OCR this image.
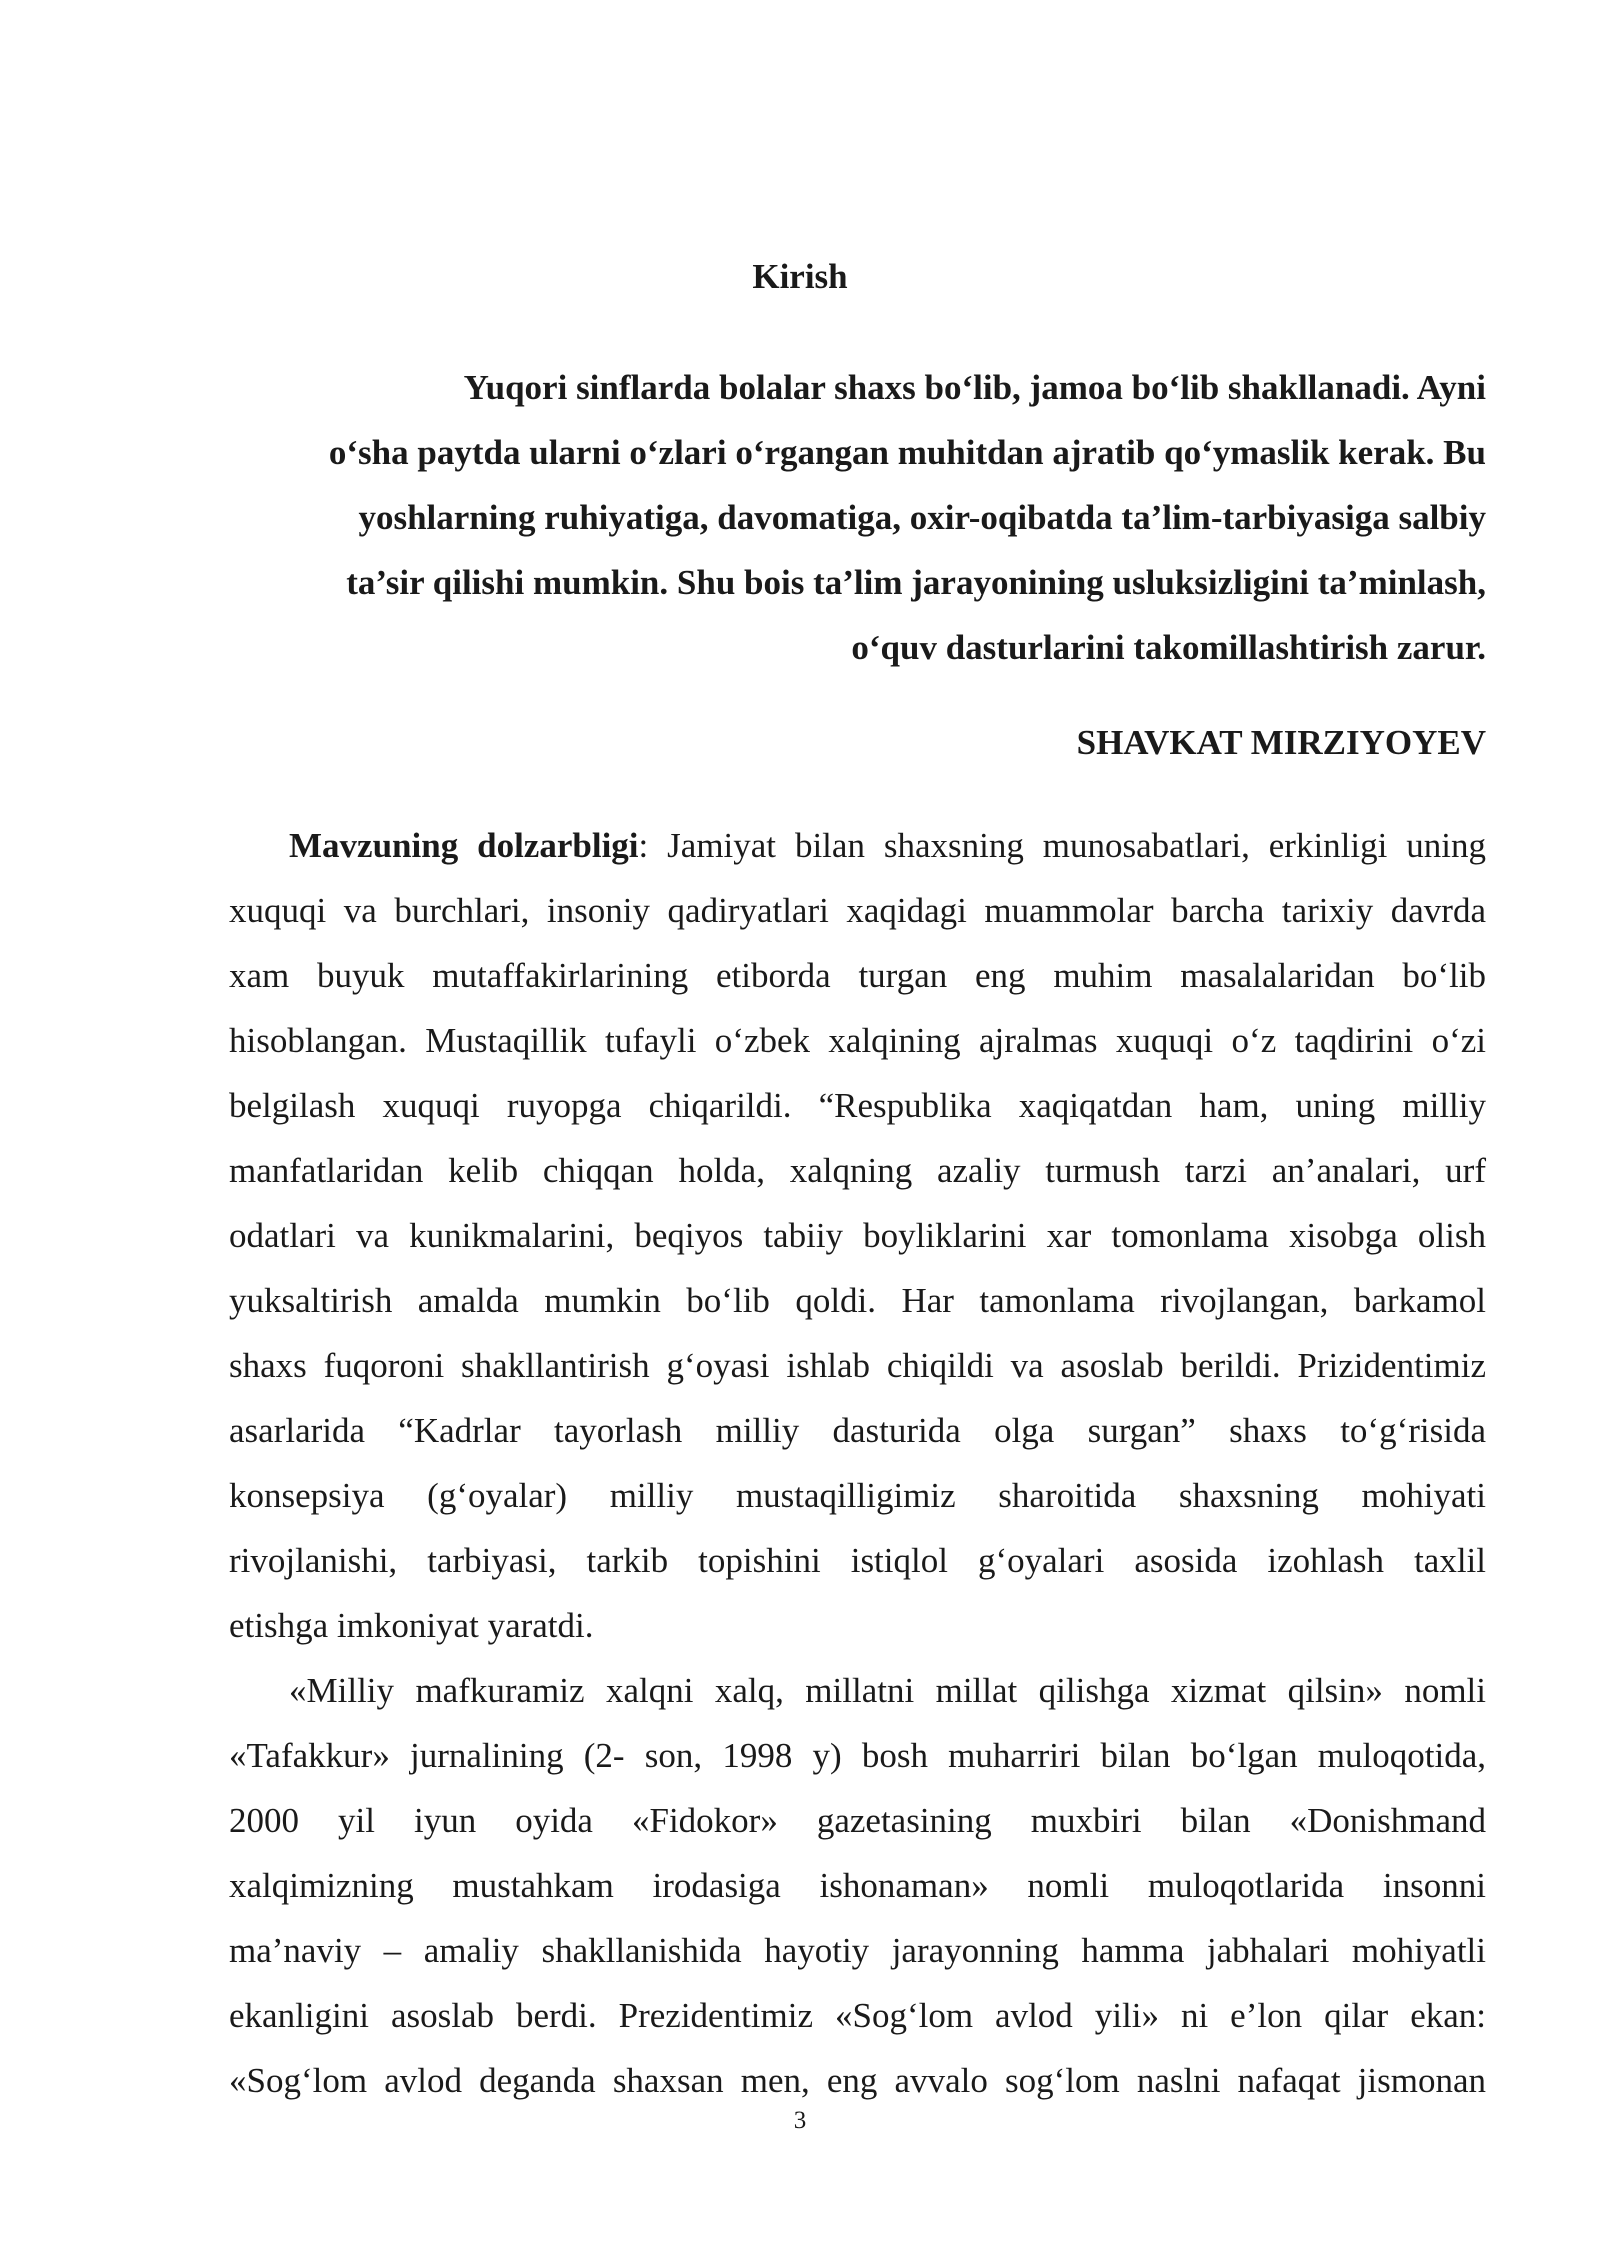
Kirish
Yuqori sinflarda bolalar shaxs bo‘lib, jamoa bo‘lib shakllanadi. Ayni
o‘sha paytda ularni o‘zlari o‘rgangan muhitdan ajratib qo‘ymaslik kerak. Bu
yoshlarning ruhiyatiga, davomatiga, oxir-oqibatda ta’lim-tarbiyasiga salbiy
ta’sir qilishi mumkin. Shu bois ta’lim jarayonining usluksizligini ta’minlash,
o‘quv dasturlarini takomillashtirish zarur.

SHAVKAT MIRZIYOYEV

Mavzuning dolzarbligi: Jamiyat bilan shaxsning munosabatlari, erkinligi uning
xuquqi va burchlari, insoniy qadiryatlari xaqidagi muammolar barcha tarixiy davrda
xam buyuk mutaffakirlarining etiborda turgan eng muhim masalalaridan bo‘lib
hisoblangan. Mustaqillik tufayli o‘zbek xalqining ajralmas xuquqi o‘z taqdirini o‘zi
belgilash xuquqi ruyopga chiqarildi. “Respublika xaqiqatdan ham, uning milliy
manfatlaridan kelib chiqqan holda, xalqning azaliy turmush tarzi an’analari, urf
odatlari va kunikmalarini, beqiyos tabiiy boyliklarini xar tomonlama xisobga olish
yuksaltirish amalda mumkin bo‘lib qoldi. Har tamonlama rivojlangan, barkamol
shaxs fuqoroni shakllantirish g‘oyasi ishlab chiqildi va asoslab berildi. Prizidentimiz
asarlarida “Kadrlar tayorlash milliy dasturida olga surgan” shaxs to‘g‘risida
konsepsiya (g‘oyalar) milliy mustaqilligimiz sharoitida shaxsning mohiyati
rivojlanishi, tarbiyasi, tarkib topishini istiqlol g‘oyalari asosida izohlash taxlil
etishga imkoniyat yaratdi.

«Milliy mafkuramiz xalqni xalq, millatni millat qilishga xizmat qilsin» nomli
«Tafakkur» jurnalining (2- son, 1998 y) bosh muharriri bilan bo‘lgan muloqotida,
2000 yil iyun oyida «Fidokor» gazetasining muxbiri bilan «Donishmand
xalqimizning mustahkam irodasiga ishonaman» nomli muloqotlarida insonni
ma’naviy – amaliy shakllanishida hayotiy jarayonning hamma jabhalari mohiyatli
ekanligini asoslab berdi. Prezidentimiz «Sog‘lom avlod yili» ni e’lon qilar ekan:
«Sog‘lom avlod deganda shaxsan men, eng avvalo sog‘lom naslni nafaqat jismonan

3
